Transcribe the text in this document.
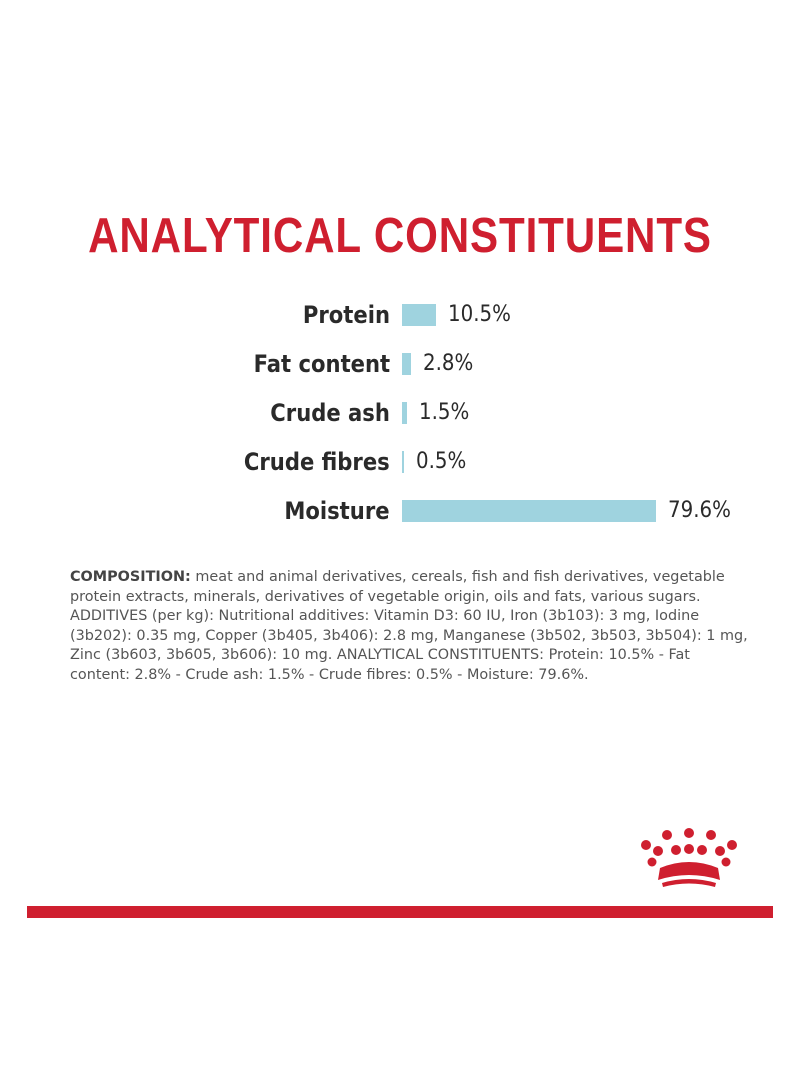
ANALYTICAL CONSTITUENTS
Protein	10.5%
Fat content 2.8%
Crude ash 1.5%
Crude fibres 0.5%
Moisture	79.6%
COMPOSITION: meat and animal derivatives, cereals, fish and fish derivatives, vegetable
protein extracts, minerals, derivatives of vegetable origin, oils and fats, various sugars.
ADDITIVES (per kg): Nutritional additives: Vitamin D3: 60 IU, Iron (3b103): 3 mg, Iodine
(3b202): 0.35 mg, Copper (3b405, 3b406): 2.8 mg, Manganese (3b502, 3b503, 3b504): 1 mg,
Zinc (3b603, 3b605, 3b606): 10 mg. ANALYTICAL CONSTITUENTS: Protein: 10.5% - Fat
content: 2.8% - Crude ash: 1.5% - Crude fibres: 0.5% - Moisture: 79.6%.
